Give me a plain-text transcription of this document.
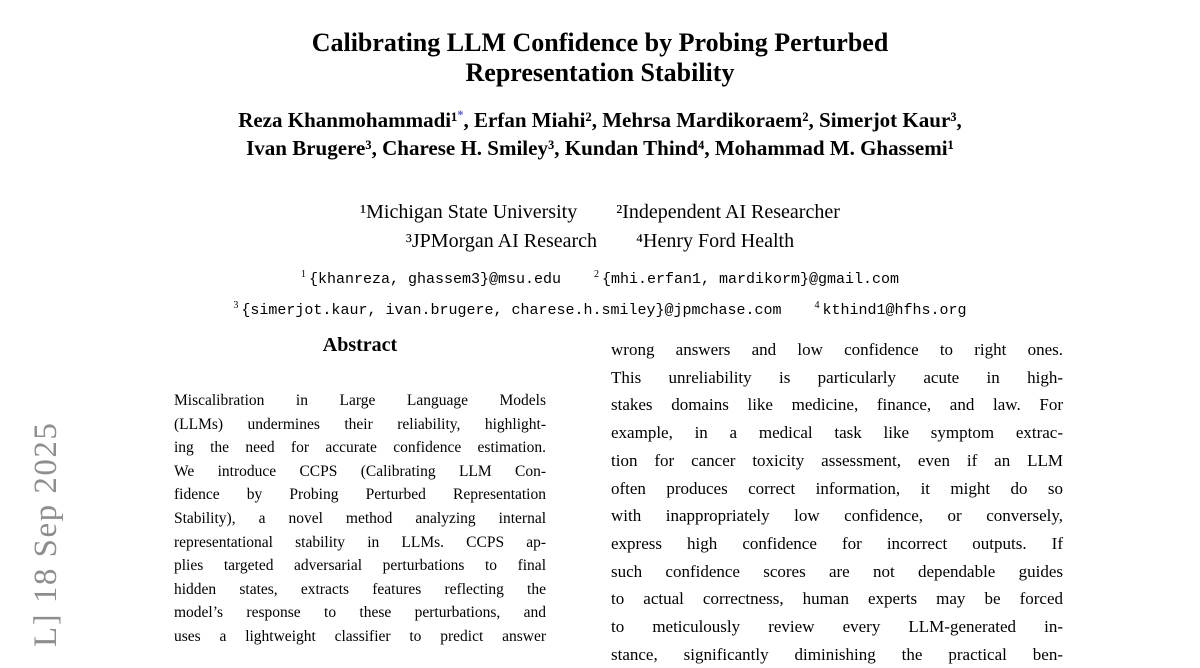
L] 18 Sep 2025
Calibrating LLM Confidence by Probing Perturbed
Representation Stability
Reza Khanmohammadi¹*, Erfan Miahi², Mehrsa Mardikoraem², Simerjot Kaur³,
Ivan Brugere³, Charese H. Smiley³, Kundan Thind⁴, Mohammad M. Ghassemi¹
¹Michigan State University ²Independent AI Researcher
³JPMorgan AI Research ⁴Henry Ford Health
$^1$ {khanreza, ghassem3}@msu.edu	$^2$ {mhi.erfan1, mardikorm}@gmail.com
$^3$ {simerjot.kaur, ivan.brugere, charese.h.smiley}@jpmchase.com	$^4$ kthind1@hfhs.org
Abstract
Miscalibration in Large Language Models
(LLMs) undermines their reliability, highlight-
ing the need for accurate confidence estimation.
We introduce CCPS (Calibrating LLM Con-
fidence by Probing Perturbed Representation
Stability), a novel method analyzing internal
representational stability in LLMs. CCPS ap-
plies targeted adversarial perturbations to final
hidden states, extracts features reflecting the
model’s response to these perturbations, and
uses a lightweight classifier to predict answer
wrong answers and low confidence to right ones.
This unreliability is particularly acute in high-
stakes domains like medicine, finance, and law. For
example, in a medical task like symptom extrac-
tion for cancer toxicity assessment, even if an LLM
often produces correct information, it might do so
with inappropriately low confidence, or conversely,
express high confidence for incorrect outputs. If
such confidence scores are not dependable guides
to actual correctness, human experts may be forced
to meticulously review every LLM-generated in-
stance, significantly diminishing the practical ben-
